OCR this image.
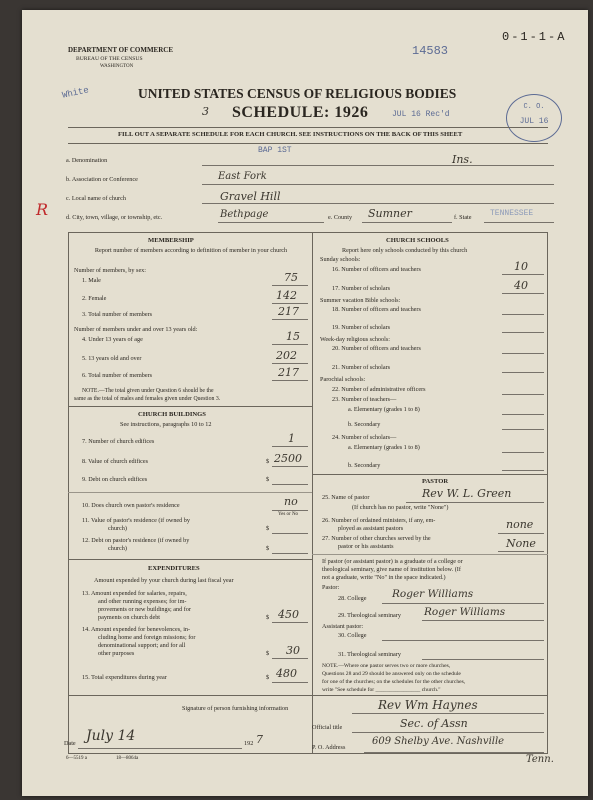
DEPARTMENT OF COMMERCE
BUREAU OF THE CENSUS
WASHINGTON
0-1-1-A
14583
White	UNITED STATES CENSUS OF RELIGIOUS BODIES
3 SCHEDULE: 1926	JUL 16 Rec'd
C. O.
JUL 16
FILL OUT A SEPARATE SCHEDULE FOR EACH CHURCH. SEE INSTRUCTIONS ON THE BACK OF THIS SHEET
BAP 1ST
R
a. Denomination	Ins.
b. Association or Conference	East Fork
c. Local name of church	Gravel Hill
d. City, town, village, or township, etc.	Bethpage	e. County Sumner	f. State TENNESSEE
MEMBERSHIP
Report number of members according to definition of member in your church
Number of members, by sex:
1. Male	75
2. Female	142
3. Total number of members	217
Number of members under and over 13 years old:
4. Under 13 years of age	15
5. 13 years old and over	202
6. Total number of members	217
NOTE.—The total given under Question 6 should be the
same as the total of males and females given under Question 3.
CHURCH BUILDINGS
See instructions, paragraphs 10 to 12
7. Number of church edifices	1
8. Value of church edifices	$ 2500
9. Debt on church edifices	$
10. Does church own pastor's residence	no
Yes or No
11. Value of pastor's residence (if owned by
church)	$
12. Debt on pastor's residence (if owned by
church)	$
EXPENDITURES
Amount expended by your church during last fiscal year
13. Amount expended for salaries, repairs,
and other running expenses; for im-
provements or new buildings; and for
payments on church debt	$ 450
14. Amount expended for benevolences, in-
cluding home and foreign missions; for
denominational support; and for all
other purposes	$ 30
15. Total expenditures during year	$ 480
CHURCH SCHOOLS
Report here only schools conducted by this church
Sunday schools:
16. Number of officers and teachers	10
17. Number of scholars	40
Summer vacation Bible schools:
18. Number of officers and teachers
19. Number of scholars
Week-day religious schools:
20. Number of officers and teachers
21. Number of scholars
Parochial schools:
22. Number of administrative officers
23. Number of teachers—
a. Elementary (grades 1 to 8)
b. Secondary
24. Number of scholars—
a. Elementary (grades 1 to 8)
b. Secondary
PASTOR
25. Name of pastor	Rev W. L. Green
(If church has no pastor, write "None")
26. Number of ordained ministers, if any, em-
ployed as assistant pastors	none
27. Number of other churches served by the
pastor or his assistants	None
If pastor (or assistant pastor) is a graduate of a college or
theological seminary, give name of institution below. (If
not a graduate, write "No" in the space indicated.)
Pastor:
28. College Roger Williams
29. Theological seminary Roger Williams
Assistant pastor:
30. College
31. Theological seminary
NOTE.—Where one pastor serves two or more churches,
Questions 28 and 29 should be answered only on the schedule
for one of the churches; on the schedules for the other churches,
write "See schedule for ________________ church."
Signature of person furnishing information	Rev Wm Haynes
Official title	Sec. of Assn
Date July 14	192 7
P. O. Address
609 Shelby Ave. Nashville
Tenn.
6—5519 a	18—8064a
